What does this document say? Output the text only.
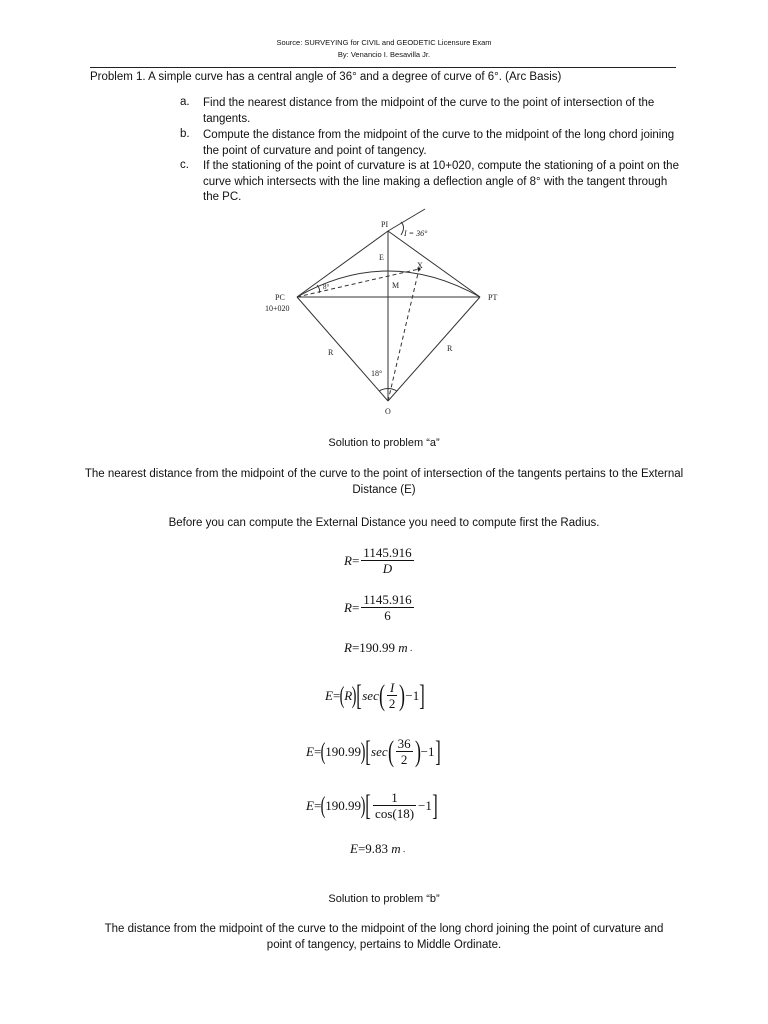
Source: SURVEYING for CIVIL and GEODETIC Licensure Exam
By: Venancio I. Besavilla Jr.
Problem 1. A simple curve has a central angle of 36° and a degree of curve of 6°. (Arc Basis)
a. Find the nearest distance from the midpoint of the curve to the point of intersection of the tangents.
b. Compute the distance from the midpoint of the curve to the midpoint of the long chord joining the point of curvature and point of tangency.
c. If the stationing of the point of curvature is at 10+020, compute the stationing of a point on the curve which intersects with the line making a deflection angle of 8° with the tangent through the PC.
PI
I = 36°
E
X
M
8°
PC
10+020
PT
R	R
18°
O
Solution to problem “a”
The nearest distance from the midpoint of the curve to the point of intersection of the tangents pertains to the External Distance (E)
Before you can compute the External Distance you need to compute first the Radius.
$R = \frac{1145.916}{D}$
$R = \frac{1145.916}{6}$
R = 190.99
m .
E = ( R ) [ sec ( $\frac{I}{2}$ ) −1 ]
E = ( 190.99 ) [ sec ( $\frac{36}{2}$ ) −1 ]
E = ( 190.99 ) [ $\frac{1}{\cos(18)} -1$ ]
E = 9.83
m .
Solution to problem “b”
The distance from the midpoint of the curve to the midpoint of the long chord joining the point of curvature and point of tangency, pertains to Middle Ordinate.
